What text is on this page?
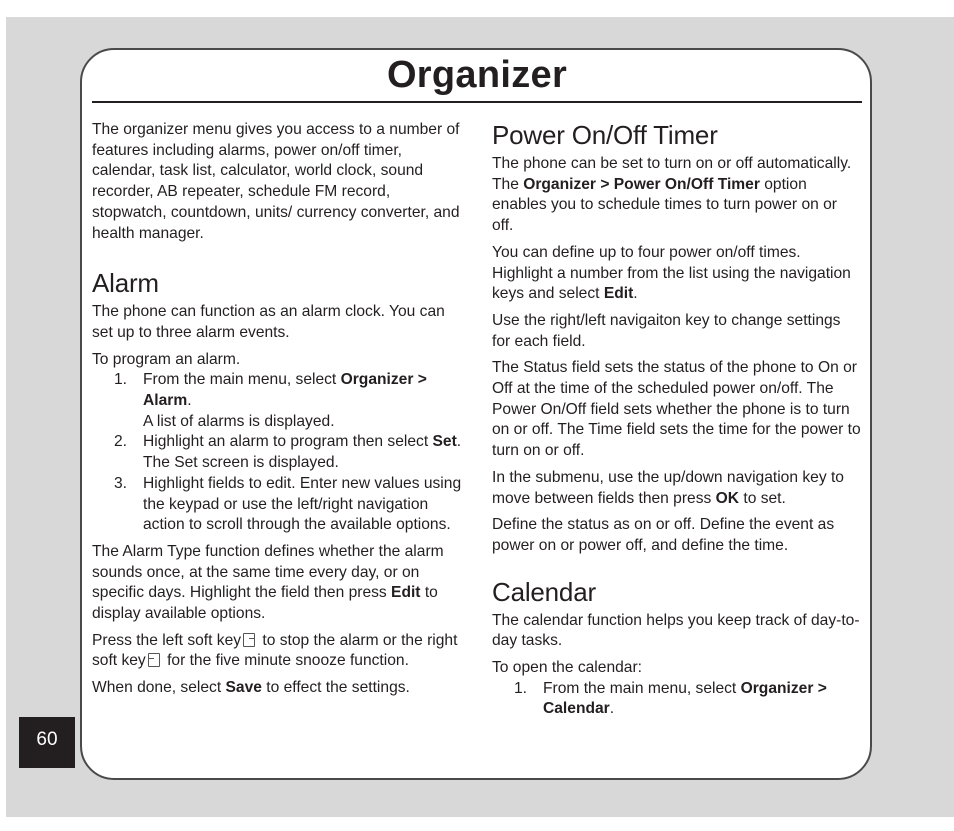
Organizer

The organizer menu gives you access to a number of features including alarms, power on/off timer, calendar, task list, calculator, world clock, sound recorder, AB repeater, schedule FM record, stopwatch, countdown, units/ currency converter, and health manager.

Alarm

The phone can function as an alarm clock. You can set up to three alarm events.

To program an alarm.

1. From the main menu, select Organizer > Alarm.
A list of alarms is displayed.
2. Highlight an alarm to program then select Set. The Set screen is displayed.
3. Highlight fields to edit. Enter new values using the keypad or use the left/right navigation action to scroll through the available options.

The Alarm Type function defines whether the alarm sounds once, at the same time every day, or on specific days. Highlight the field then press Edit to display available options.

Press the left soft key to stop the alarm or the right soft key for the five minute snooze function.

When done, select Save to effect the settings.

Power On/Off Timer

The phone can be set to turn on or off automatically. The Organizer > Power On/Off Timer option enables you to schedule times to turn power on or off.

You can define up to four power on/off times. Highlight a number from the list using the navigation keys and select Edit.

Use the right/left navigaiton key to change settings for each field.

The Status field sets the status of the phone to On or Off at the time of the scheduled power on/off. The Power On/Off field sets whether the phone is to turn on or off. The Time field sets the time for the power to turn on or off.

In the submenu, use the up/down navigation key to move between fields then press OK to set.

Define the status as on or off. Define the event as power on or power off, and define the time.

Calendar

The calendar function helps you keep track of day-to-day tasks.

To open the calendar:

1. From the main menu, select Organizer > Calendar.
60
